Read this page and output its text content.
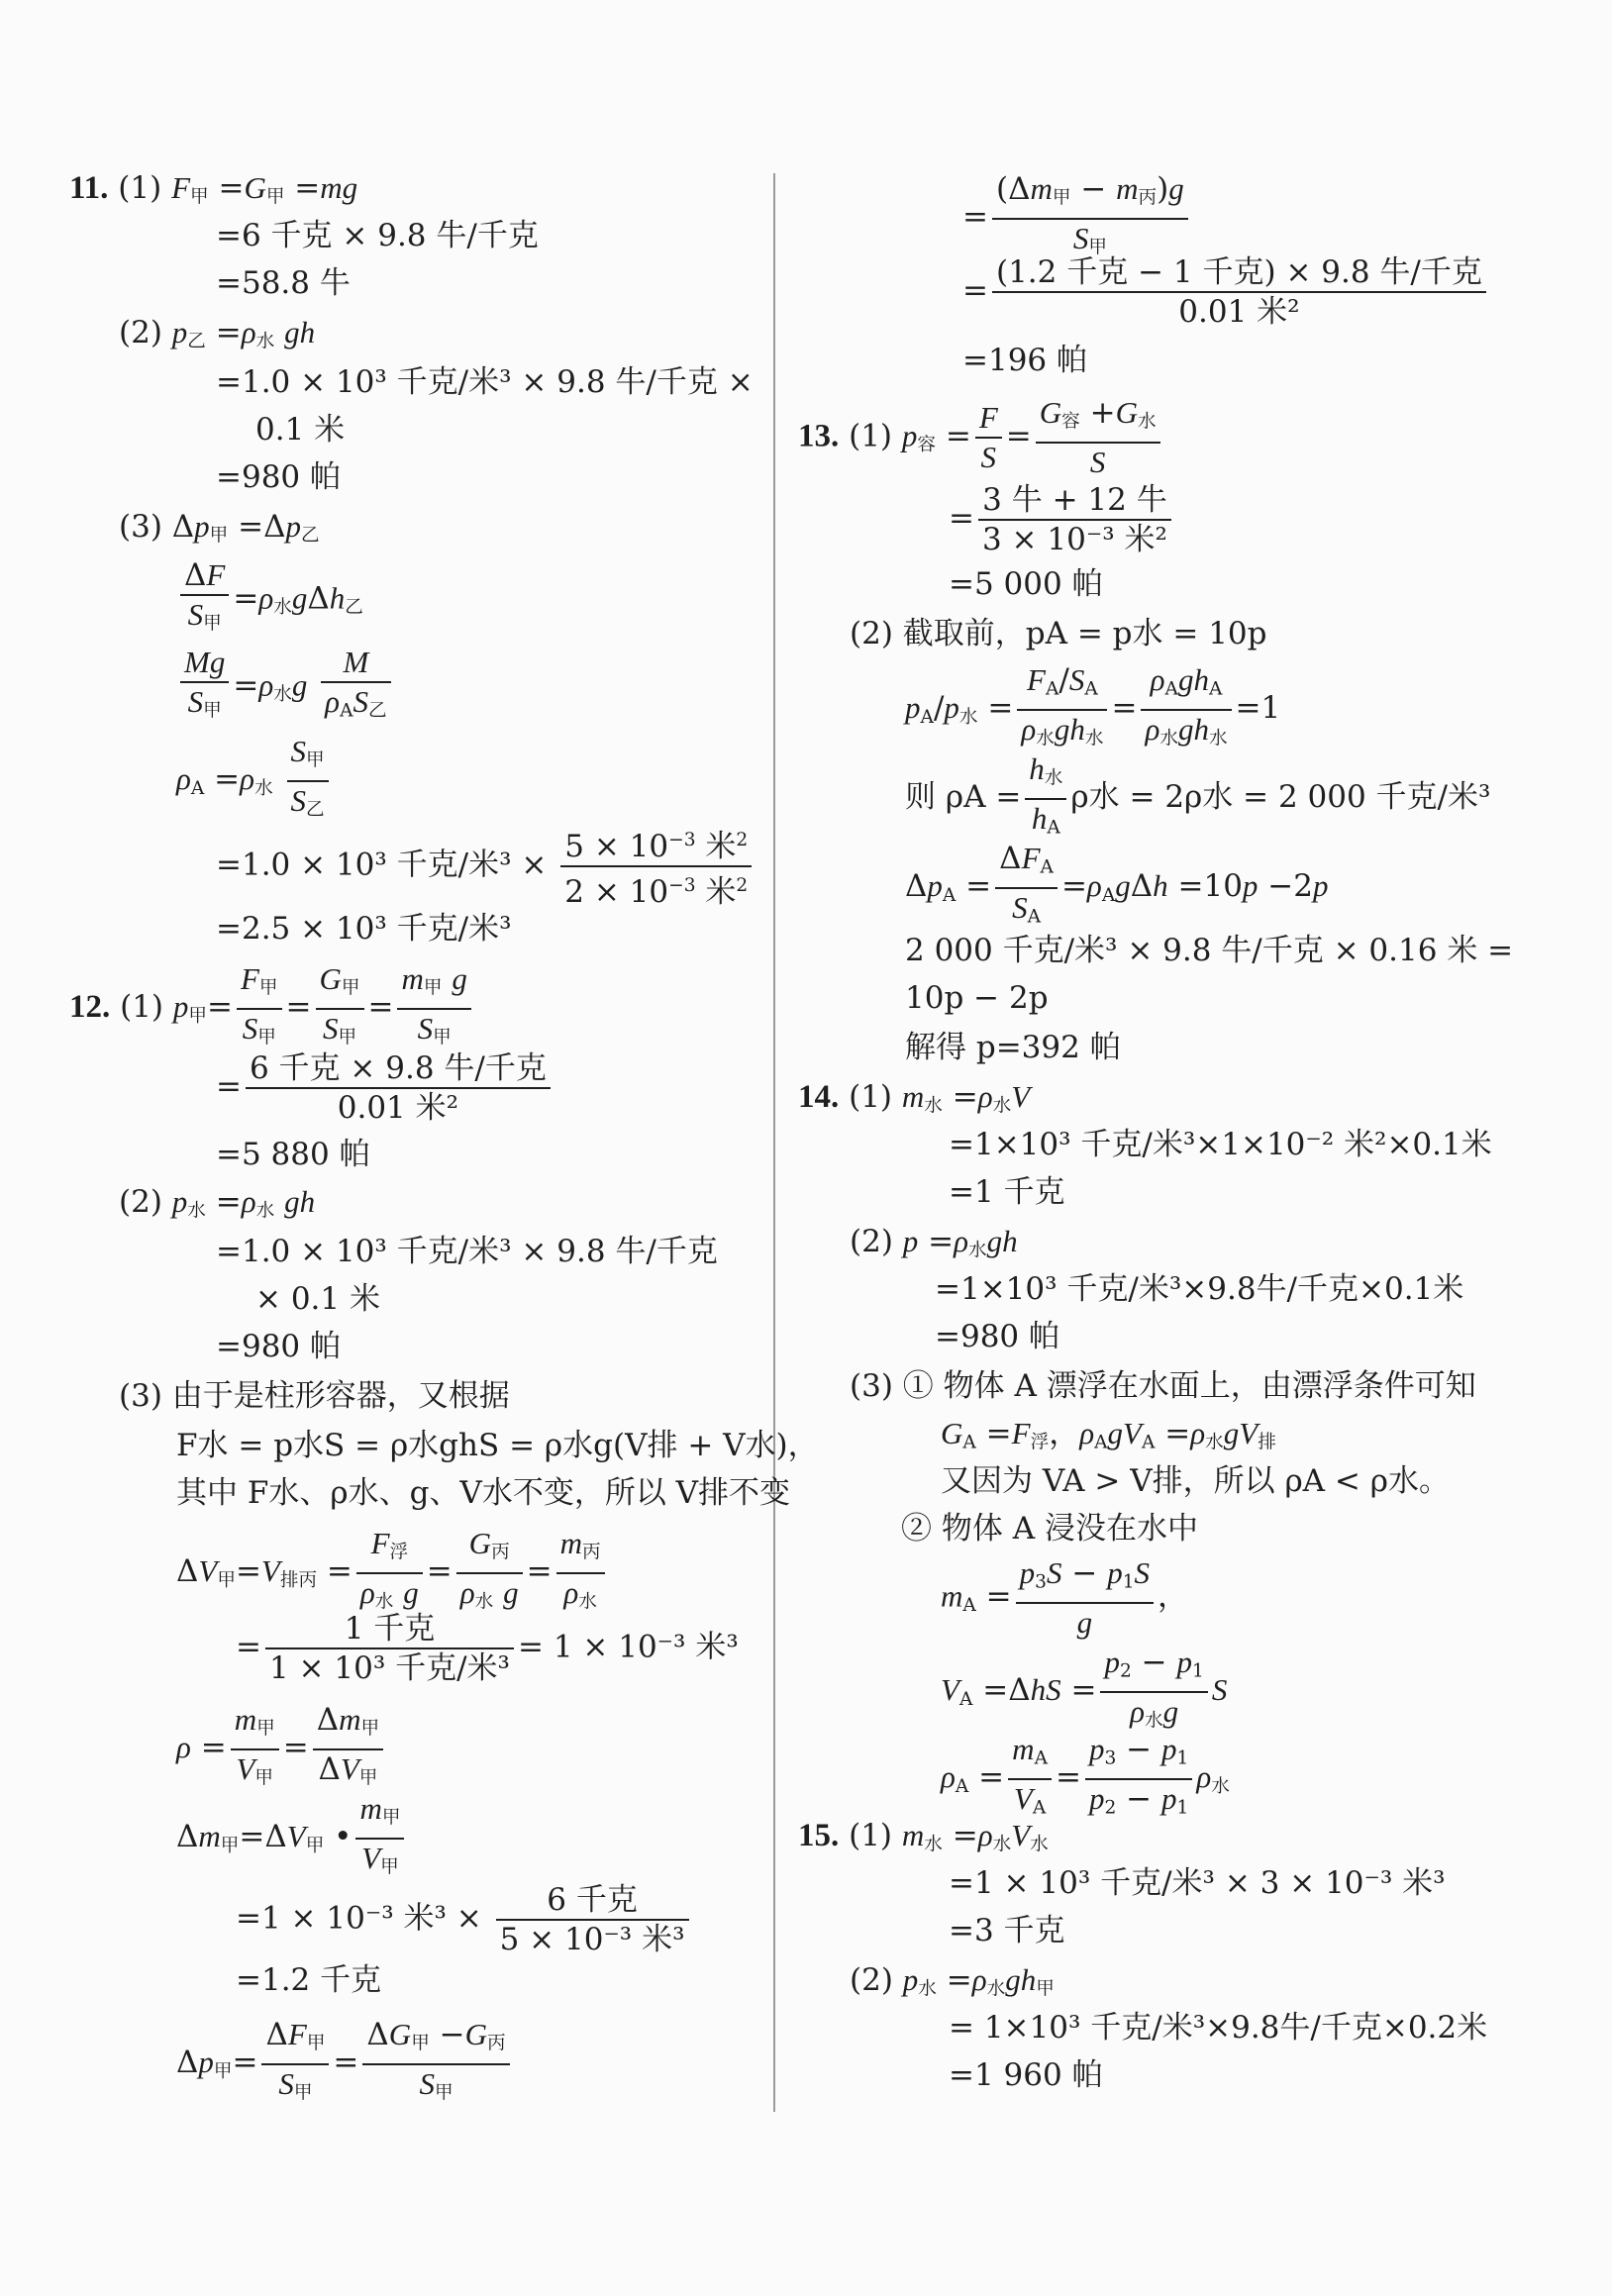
11. (1) $F_甲 =G_甲 =mg$
=6 千克 × 9.8 牛/千克
=58.8 牛
(2) $p_乙 =\rho_水$ gh
=1.0 × 10³ 千克/米³ × 9.8 牛/千克 ×
0.1 米
=980 帕
(3) $\Delta p_甲 =\Delta p_乙$
$\frac{\Delta F}{S_甲} =\rho_水g\Delta h_乙$
$\frac{Mg}{S_甲} =\rho_水g \frac{M}{\rho_AS_乙}$
$\rho_A =\rho_水 \frac{S_甲}{S_乙}$
=1.0 × 10³ 千克/米$^3 \times \frac{5 \times 10^{-3} 米^2}{2 \times 10^{-3} 米^2}$
=2.5 × 10³ 千克/米³
12. (1) $p_甲= \frac{F_甲}{S_甲} = \frac{G_甲}{S_甲} = \frac{m_甲 g}{S_甲}$
= $\frac{\text{6 千克 × 9.8 牛/千克}}{\text{0.01 米²}}$
=5 880 帕
(2) $p_水 =\rho_水$ gh
=1.0 × 10³ 千克/米³ × 9.8 牛/千克
× 0.1 米
=980 帕
(3) 由于是柱形容器，又根据
F水 = p水S = ρ水ghS = ρ水g(V排 + V水)，
其中 F水、ρ水、g、V水不变，所以 V排不变
$\Delta V_甲=V_{排丙} = \frac{F_浮}{\rho_水 g} = \frac{G_丙}{\rho_水 g} = \frac{m_丙}{\rho_水}$
= $\frac{\text{1 千克}}{\text{1 × 10³ 千克/米³}} = 1 \times 10^{-3}$ 米³
$\rho = \frac{m_甲}{V_甲} = \frac{\Delta m_甲}{\Delta V_甲}$
$\Delta m_甲=\Delta V_甲$ • $\frac{m_甲}{V_甲}$
=1 × 10⁻³ 米$^3 \times \frac{\text{6 千克}}{\text{5 × 10⁻³ 米³}}$
=1.2 千克
$\Delta p_甲= \frac{\Delta F_甲}{S_甲} = \frac{\Delta G_甲 -G_丙}{S_甲}$
= $\frac{(\Delta m_甲 - m_丙)g}{S_甲}$
= $\frac{\text{(1.2 千克 − 1 千克) × 9.8 牛/千克}}{\text{0.01 米²}}$
=196 帕
13. (1) $p_容 = \frac{F}{S} = \frac{G_容 +G_水}{S}$
= $\frac{\text{3 牛 + 12 牛}}{\text{3 × 10⁻³ 米²}}$
=5 000 帕
(2) 截取前，pA = p水 = 10p
$p_A/p_水 = \frac{F_A/S_A}{\rho_水gh_水} = \frac{\rho_Agh_A}{\rho_水gh_水} =1$
则 $\rho A = \frac{h_水}{h_A}$ ρ水 = 2ρ水 = 2 000 千克/米³
$\Delta p_A = \frac{\Delta F_A}{S_A} =\rho_Ag\Delta h =10p -2p$
2 000 千克/米³ × 9.8 牛/千克 × 0.16 米 =
10p − 2p
解得 p=392 帕
14. (1) $m_水 =\rho_水V$
=1×10³ 千克/米³×1×10⁻² 米²×0.1米
=1 千克
(2) $p =\rho_水gh$
=1×10³ 千克/米³×9.8牛/千克×0.1米
=980 帕
(3) ① 物体 A 漂浮在水面上，由漂浮条件可知
$G_A =F_浮$，$\rho_AgV_A =\rho_水gV_排$
又因为 VA > V排，所以 ρA < ρ水。
② 物体 A 浸没在水中
$m_A = \frac{p_3S - p_1S}{g}$ ，
$V_A =\Delta hS = \frac{p_2 - p_1}{\rho_水g}$ S
$\rho_A = \frac{m_A}{V_A} = \frac{p_3 - p_1}{p_2 - p_1} \rho_水$
15. (1) $m_水 =\rho_水V_水$
=1 × 10³ 千克/米³ × 3 × 10⁻³ 米³
=3 千克
(2) $p_水 =\rho_水gh_甲$
= 1×10³ 千克/米³×9.8牛/千克×0.2米
=1 960 帕
